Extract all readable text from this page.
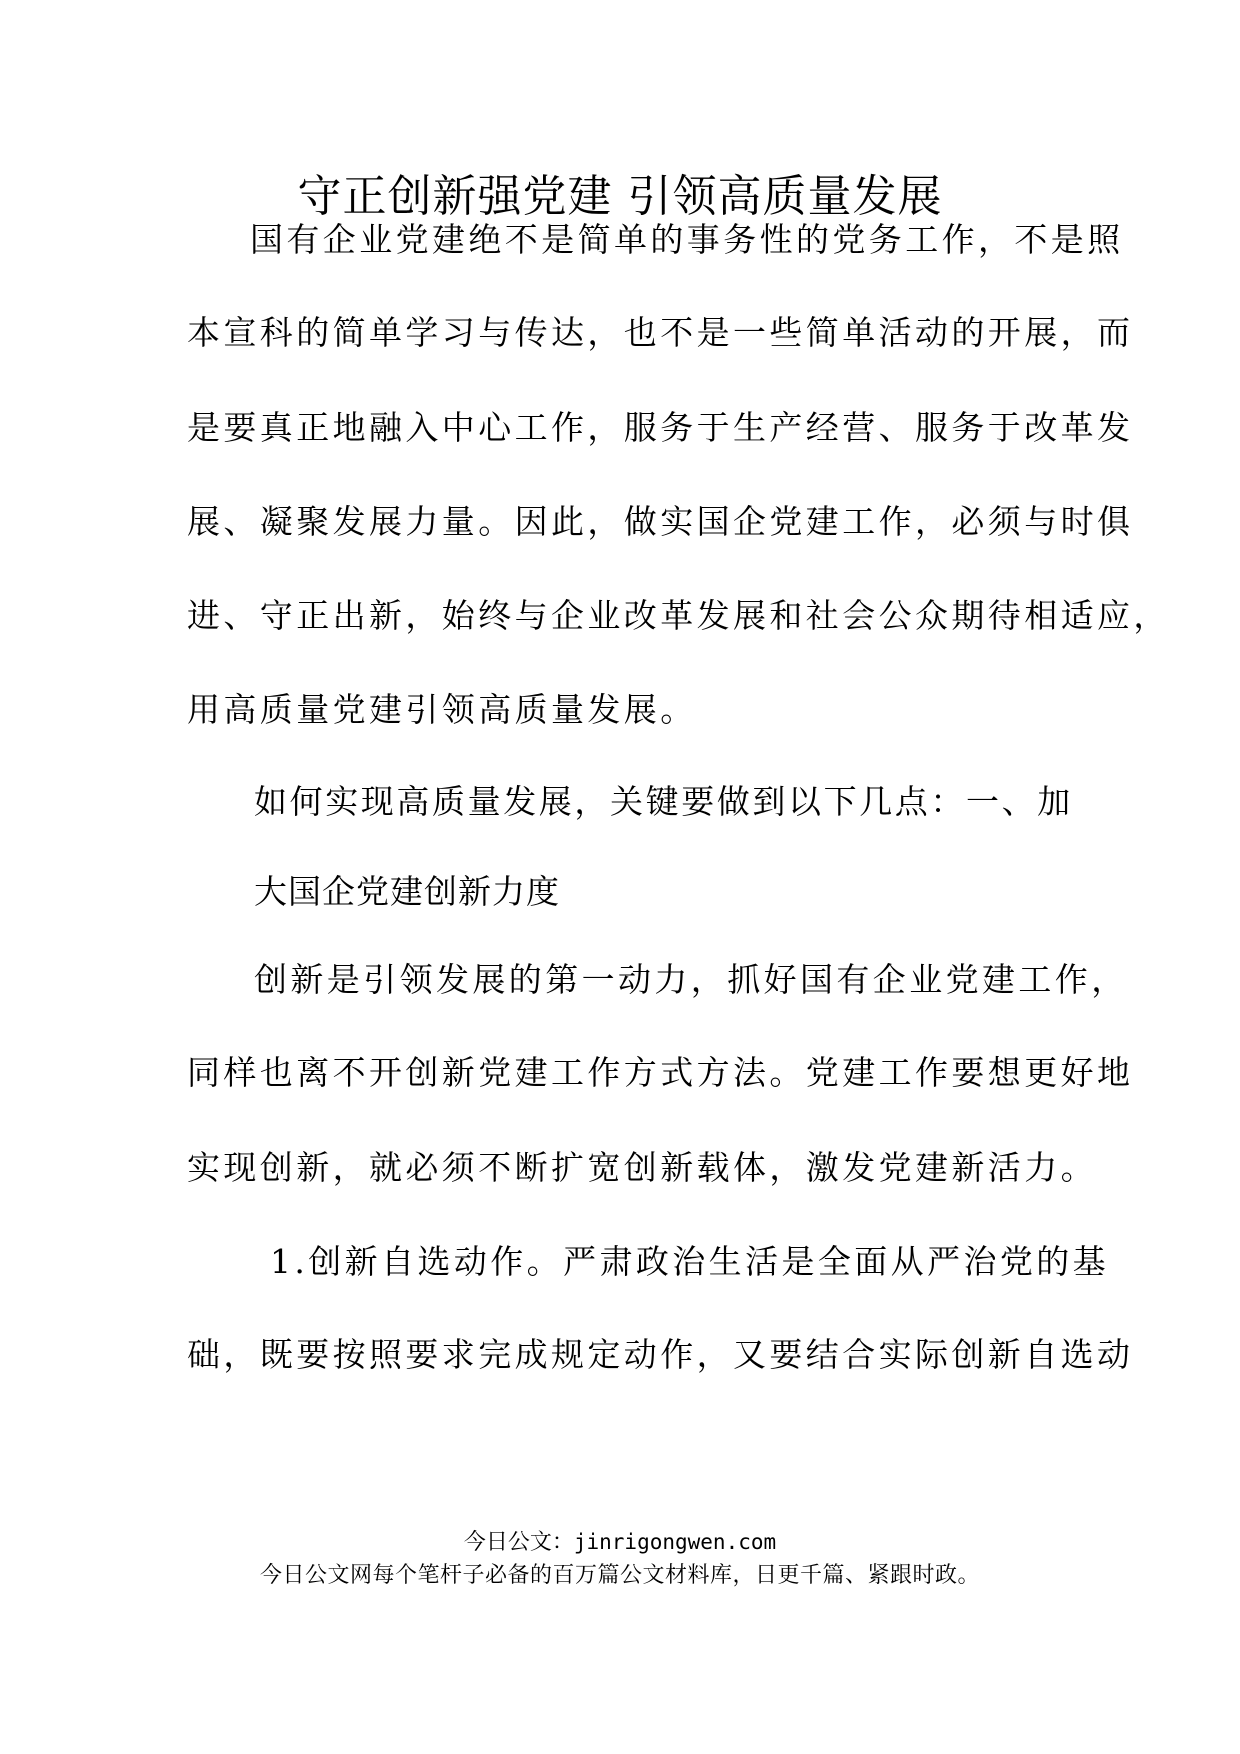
守正创新强党建 引领高质量发展
国有企业党建绝不是简单的事务性的党务工作，不是照
本宣科的简单学习与传达，也不是一些简单活动的开展，而
是要真正地融入中心工作，服务于生产经营、服务于改革发
展、凝聚发展力量。因此，做实国企党建工作，必须与时俱
进、守正出新，始终与企业改革发展和社会公众期待相适应，
用高质量党建引领高质量发展。
如何实现高质量发展，关键要做到以下几点：一、加
大国企党建创新力度
创新是引领发展的第一动力，抓好国有企业党建工作，
同样也离不开创新党建工作方式方法。党建工作要想更好地
实现创新，就必须不断扩宽创新载体，激发党建新活力。
1.创新自选动作。严肃政治生活是全面从严治党的基
础，既要按照要求完成规定动作，又要结合实际创新自选动
今日公文：jinrigongwen.com
今日公文网每个笔杆子必备的百万篇公文材料库，日更千篇、紧跟时政。
